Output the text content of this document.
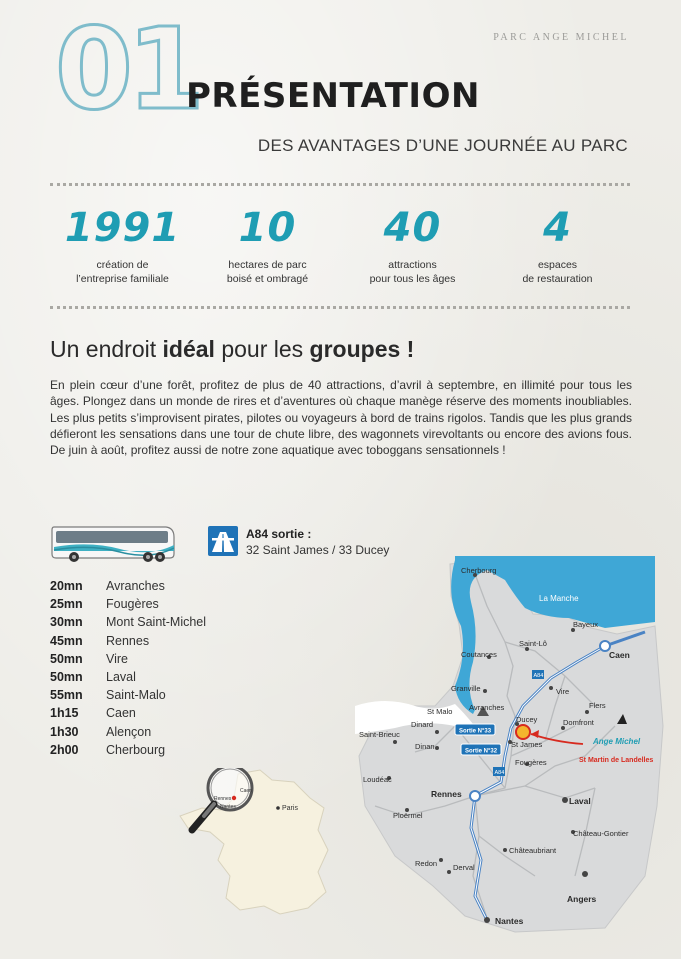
PARC ANGE MICHEL
01
PRÉSENTATION
DES AVANTAGES D’UNE JOURNÉE AU PARC
1991
création de
l’entreprise familiale
10
hectares de parc
boisé et ombragé
40
attractions
pour tous les âges
4
espaces
de restauration
Un endroit idéal pour les groupes !
En plein cœur d’une forêt, profitez de plus de 40 attractions, d’avril à septembre, en illimité pour tous les âges. Plongez dans un monde de rires et d’aventures où chaque manège réserve des moments inoubliables. Les plus petits s’improvisent pirates, pilotes ou voyageurs à bord de trains rigolos. Tandis que les plus grands défieront les sensations dans une tour de chute libre, des wagonnets virevoltants ou encore des avions fous. De juin à août, profitez aussi de notre zone aquatique avec toboggans sensationnels !
A84 sortie :
32 Saint James / 33 Ducey
20mn Avranches
25mn Fougères
30mn Mont Saint-Michel
45mn Rennes
50mn Vire
50mn Laval
55mn Saint-Malo
1h15 Caen
1h30 Alençon
2h00 Cherbourg
Paris
Caen
Rennes
Nantes
La Manche
A84
A84
Sortie N°33
Sortie N°32
Ange Michel
St Martin de Landelles
Cherbourg
Bayeux
Caen
Saint-Lô
Coutances
Granville	Vire
Flers
Avranches
St Malo
Dinard
Ducey	Domfront
Saint-Brieuc
St James
Dinan
Fougères
Loudéac
Rennes
Laval
Ploërmel
Château-Gontier
Châteaubriant
Redon Derval
Angers
Nantes
